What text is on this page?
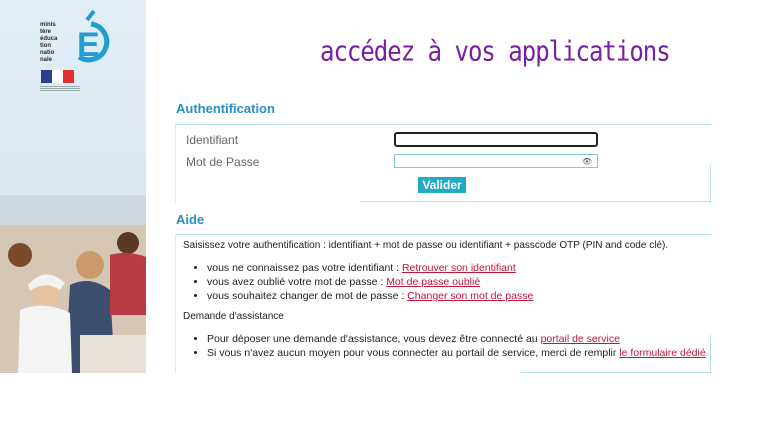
minis
tère
éduca
tion
natio
nale E	accédez à vos applications
Authentification
Identifiant
Mot de Passe	👁
Valider
Aide
Saisissez votre authentification : identifiant + mot de passe ou identifiant + passcode OTP (PIN and code clé).
• vous ne connaissez pas votre identifiant : Retrouver son identifiant
• vous avez oublié votre mot de passe : Mot de passe oublié
• vous souhaitez changer de mot de passe : Changer son mot de passe
Demande d'assistance
• Pour déposer une demande d'assistance, vous devez être connecté au portail de service
• Si vous n'avez aucun moyen pour vous connecter au portail de service, merci de remplir le formulaire dédié
